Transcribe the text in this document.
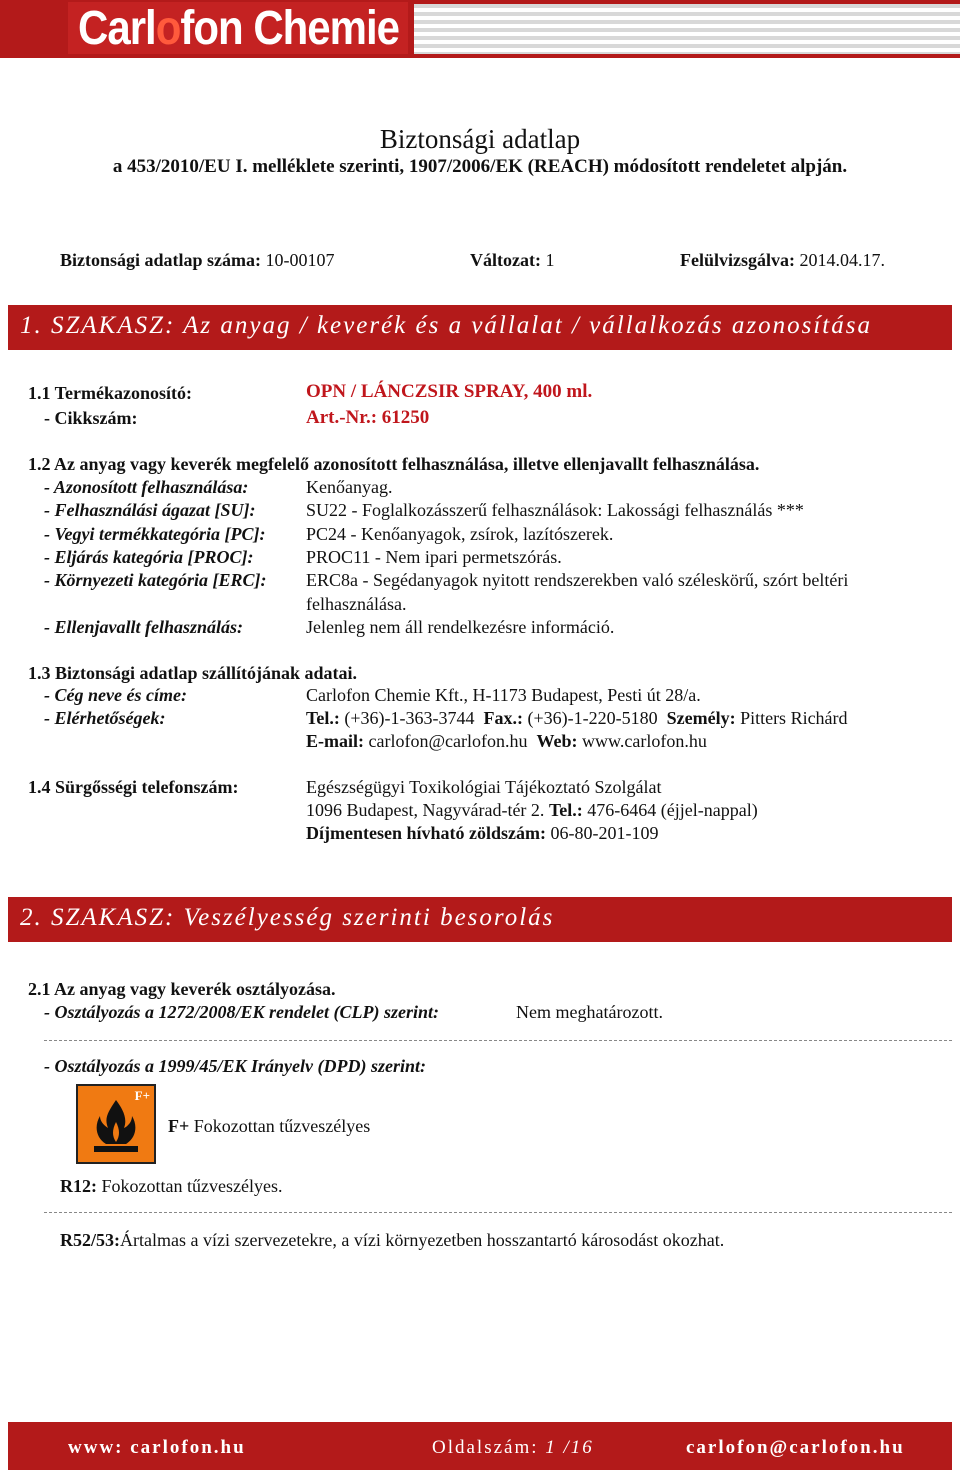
Carlofon Chemie
Biztonsági adatlap
a 453/2010/EU I. melléklete szerinti, 1907/2006/EK (REACH) módosított rendeletet alpján.
Biztonsági adatlap száma: 10-00107	Változat: 1	Felülvizsgálva: 2014.04.17.
1. SZAKASZ: Az anyag / keverék és a vállalat / vállalkozás azonosítása
1.1 Termékazonosító:	OPN / LÁNCZSIR SPRAY, 400 ml.
- Cikkszám:	Art.-Nr.: 61250
1.2 Az anyag vagy keverék megfelelő azonosított felhasználása, illetve ellenjavallt felhasználása.
- Azonosított felhasználása:	Kenőanyag.
- Felhasználási ágazat [SU]:	SU22 - Foglalkozásszerű felhasználások: Lakossági felhasználás ***
- Vegyi termékkategória [PC]: PC24 - Kenőanyagok, zsírok, lazítószerek.
- Eljárás kategória [PROC]:	PROC11 - Nem ipari permetszórás.
- Környezeti kategória [ERC]: ERC8a - Segédanyagok nyitott rendszerekben való széleskörű, szórt beltéri
felhasználása.
- Ellenjavallt felhasználás:	Jelenleg nem áll rendelkezésre információ.
1.3 Biztonsági adatlap szállítójának adatai.
- Cég neve és címe:	Carlofon Chemie Kft., H-1173 Budapest, Pesti út 28/a.
- Elérhetőségek:	Tel.: (+36)-1-363-3744 Fax.: (+36)-1-220-5180 Személy: Pitters Richárd
E-mail: carlofon@carlofon.hu Web: www.carlofon.hu
1.4 Sürgősségi telefonszám:	Egészségügyi Toxikológiai Tájékoztató Szolgálat
1096 Budapest, Nagyvárad-tér 2. Tel.: 476-6464 (éjjel-nappal)
Díjmentesen hívható zöldszám: 06-80-201-109
2. SZAKASZ: Veszélyesség szerinti besorolás
2.1 Az anyag vagy keverék osztályozása.
- Osztályozás a 1272/2008/EK rendelet (CLP) szerint:	Nem meghatározott.
- Osztályozás a 1999/45/EK Irányelv (DPD) szerint:
F+
F+ Fokozottan tűzveszélyes
R12: Fokozottan tűzveszélyes.
R52/53:Ártalmas a vízi szervezetekre, a vízi környezetben hosszantartó károsodást okozhat.
www: carlofon.hu	Oldalszám: 1 /16	carlofon@carlofon.hu
